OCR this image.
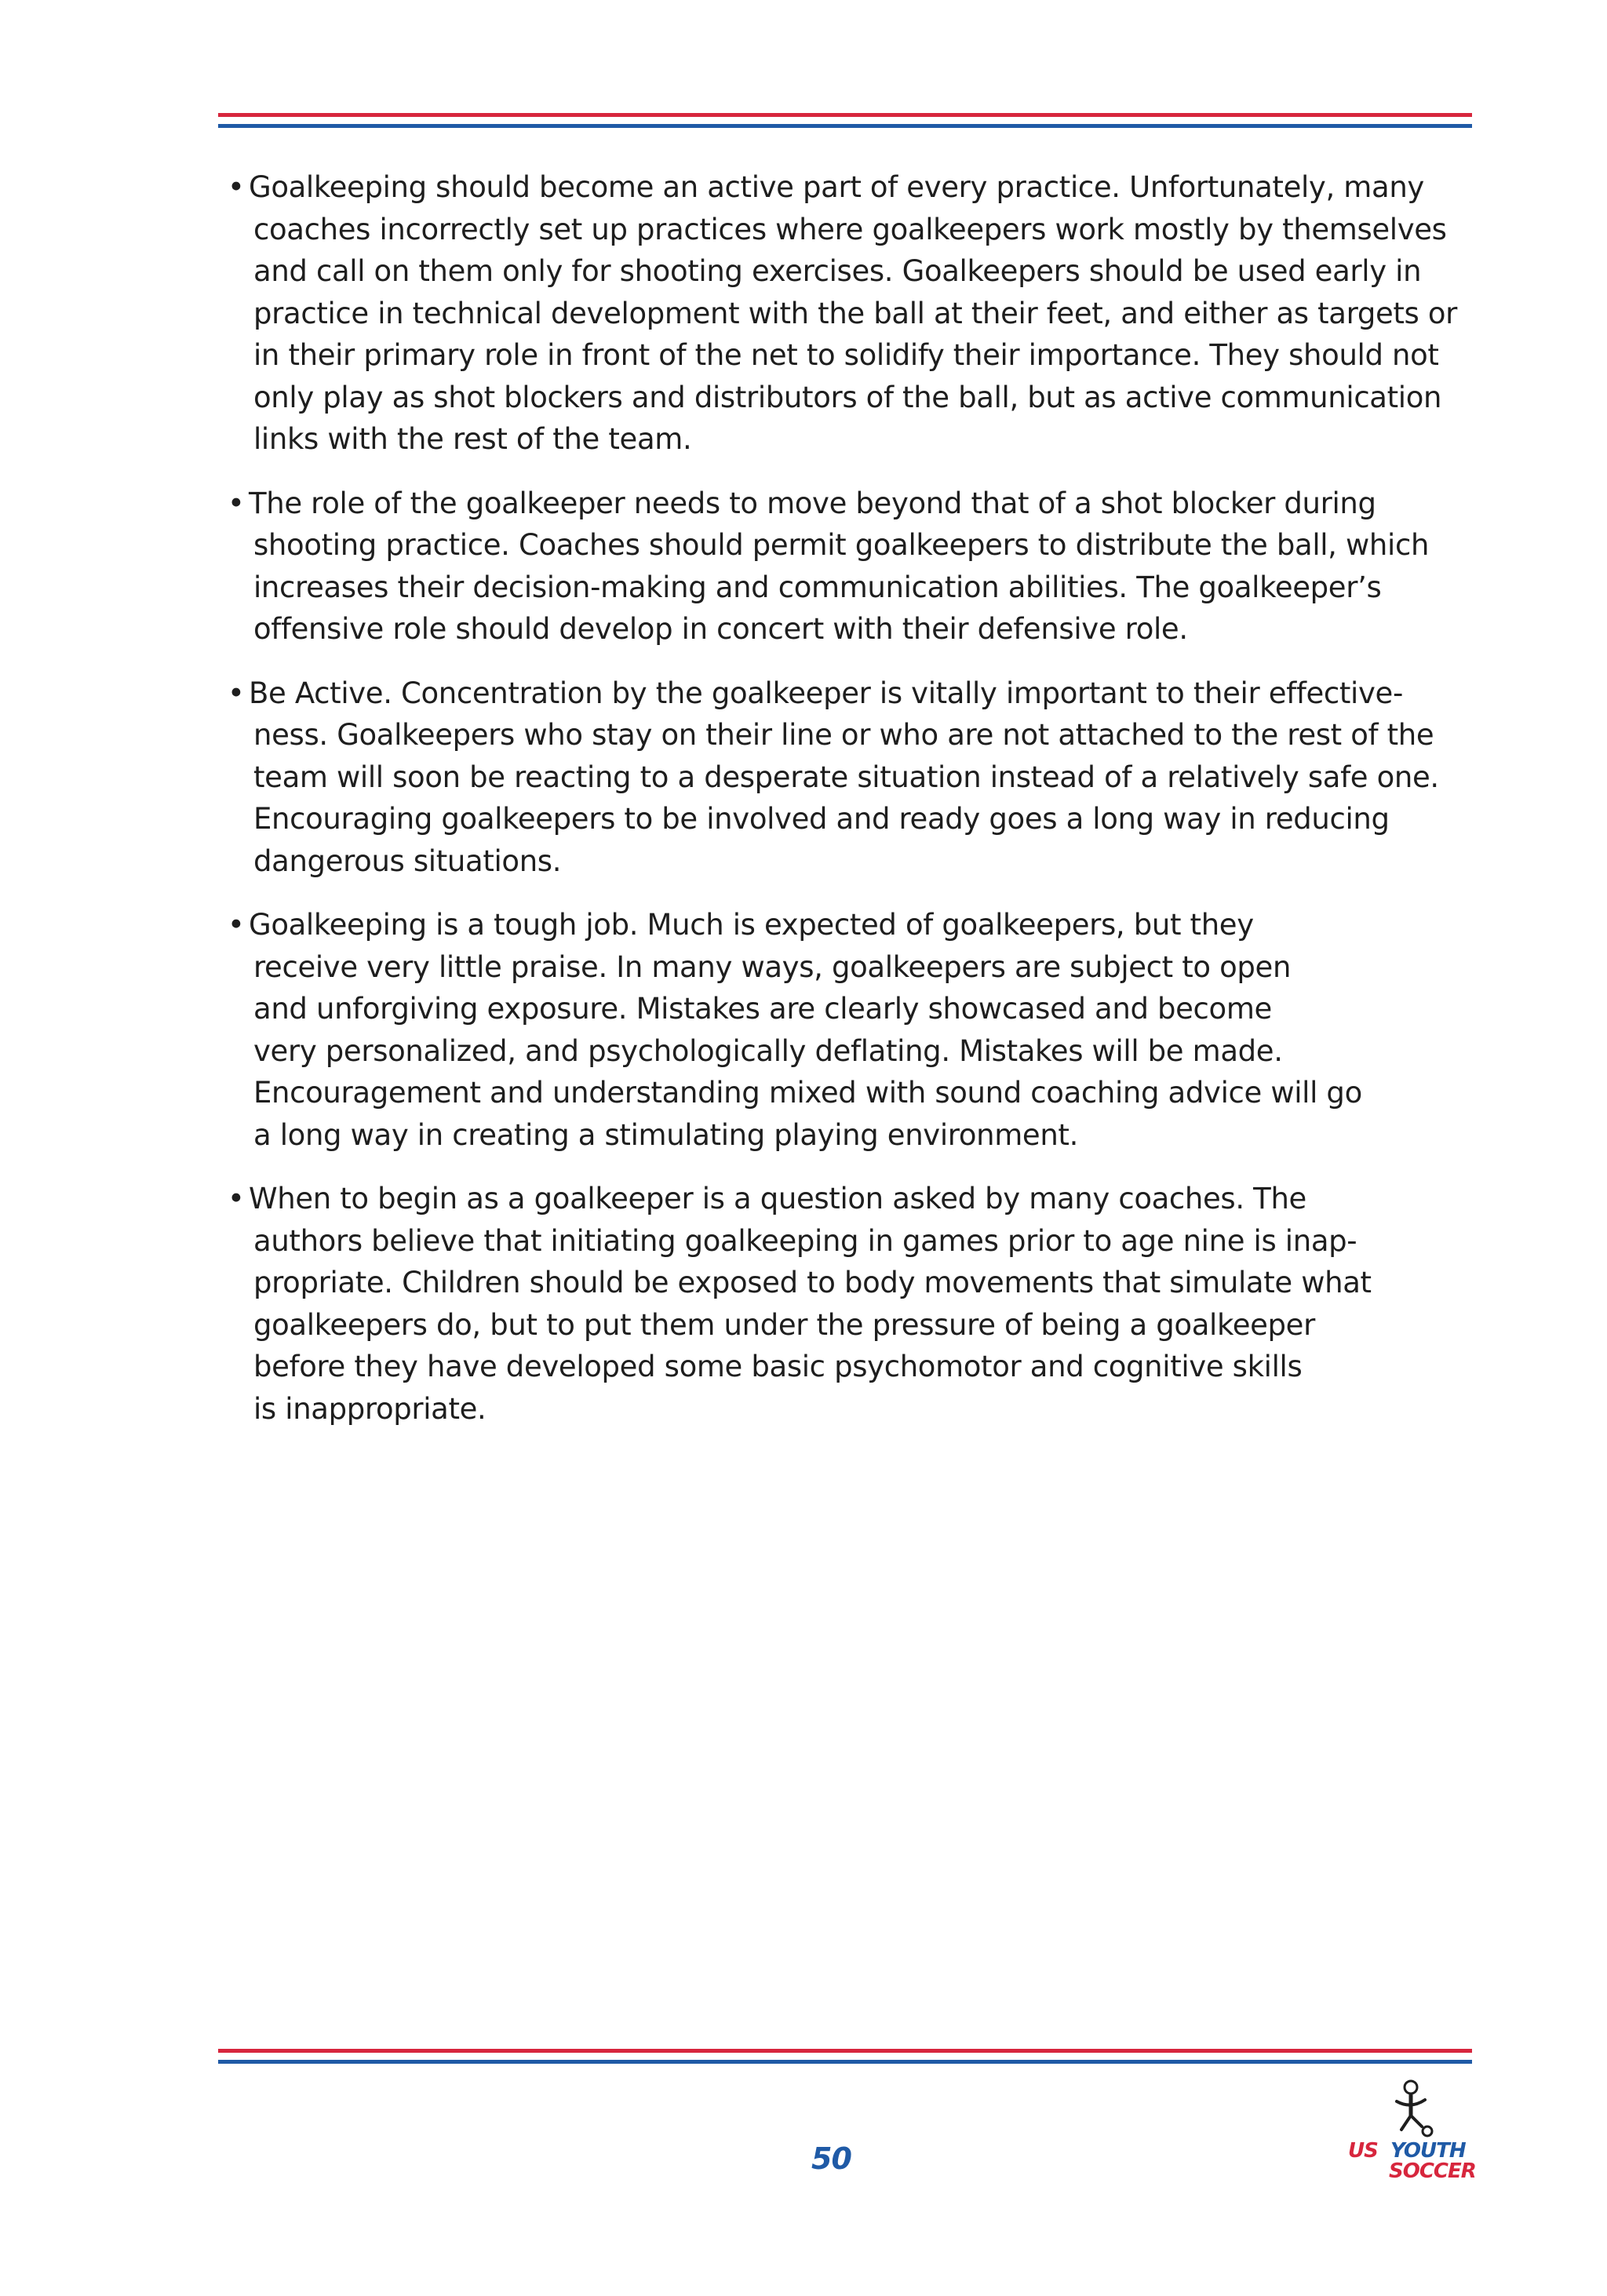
• Goalkeeping should become an active part of every practice. Unfortunately, many
coaches incorrectly set up practices where goalkeepers work mostly by themselves
and call on them only for shooting exercises. Goalkeepers should be used early in
practice in technical development with the ball at their feet, and either as targets or
in their primary role in front of the net to solidify their importance. They should not
only play as shot blockers and distributors of the ball, but as active communication
links with the rest of the team.
• The role of the goalkeeper needs to move beyond that of a shot blocker during
shooting practice. Coaches should permit goalkeepers to distribute the ball, which
increases their decision-making and communication abilities. The goalkeeper’s
offensive role should develop in concert with their defensive role.
• Be Active. Concentration by the goalkeeper is vitally important to their effective-
ness. Goalkeepers who stay on their line or who are not attached to the rest of the
team will soon be reacting to a desperate situation instead of a relatively safe one.
Encouraging goalkeepers to be involved and ready goes a long way in reducing
dangerous situations.
• Goalkeeping is a tough job. Much is expected of goalkeepers, but they
receive very little praise. In many ways, goalkeepers are subject to open
and unforgiving exposure. Mistakes are clearly showcased and become
very personalized, and psychologically deflating. Mistakes will be made.
Encouragement and understanding mixed with sound coaching advice will go
a long way in creating a stimulating playing environment.
• When to begin as a goalkeeper is a question asked by many coaches. The
authors believe that initiating goalkeeping in games prior to age nine is inap-
propriate. Children should be exposed to body movements that simulate what
goalkeepers do, but to put them under the pressure of being a goalkeeper
before they have developed some basic psychomotor and cognitive skills
is inappropriate.
50	US YOUTH
SOCCER
